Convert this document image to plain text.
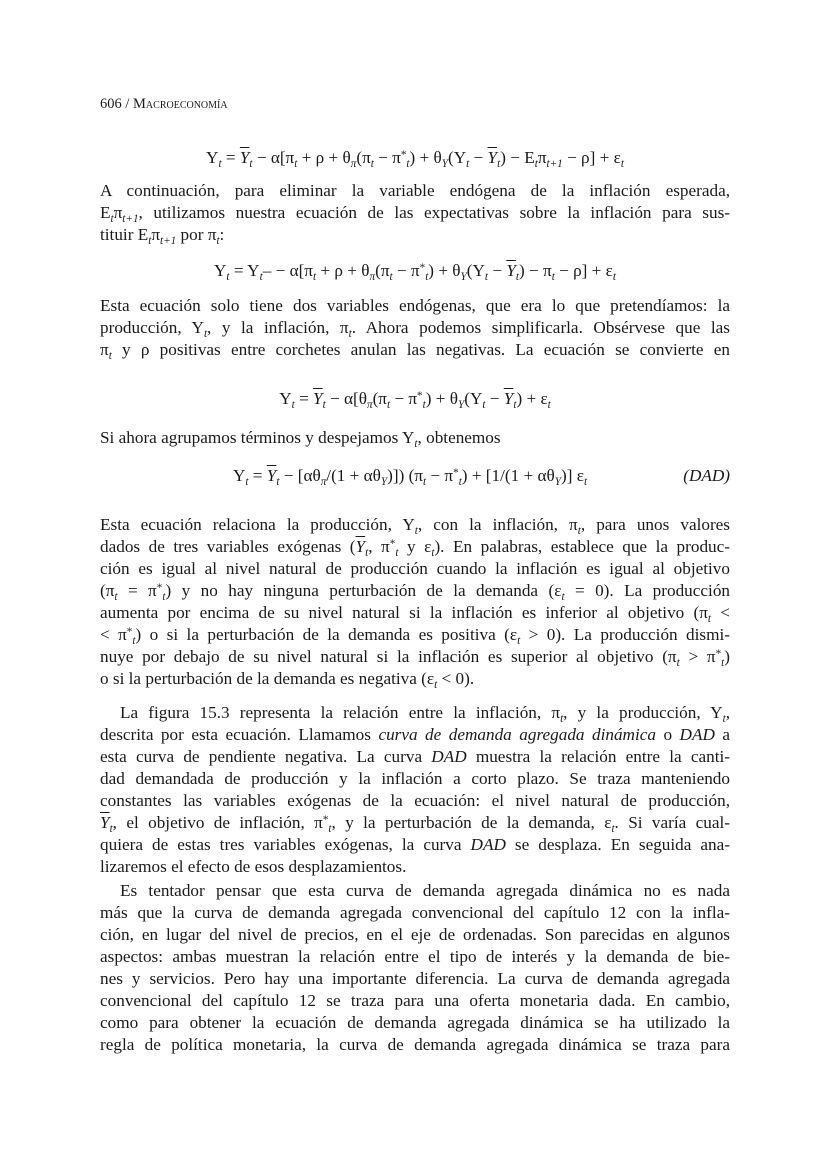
606 / Macroeconomía
$Y_t = \overline{Y}_t - \alpha[\pi_t + \rho + \theta_\pi(\pi_t - \pi^*_t) + \theta_Y(Y_t - \overline{Y}_t) - E_t\pi_{t+1} - \rho] + \varepsilon_t$
A continuación, para eliminar la variable endógena de la inflación esperada,
$E_t\pi_{t+1}$, utilizamos nuestra ecuación de las expectativas sobre la inflación para sus-
tituir $E_t\pi_{t+1}$ por $\pi_t$:
$Y_t = Y_t- - \alpha[\pi_t + \rho + \theta_\pi(\pi_t - \pi^*_t) + \theta_Y(Y_t - \overline{Y}_t) - \pi_t - \rho] + \varepsilon_t$
Esta ecuación solo tiene dos variables endógenas, que era lo que pretendíamos: la
producción, $Y_t$, y la inflación, $\pi_t$. Ahora podemos simplificarla. Obsérvese que las
$\pi_t$ y ρ positivas entre corchetes anulan las negativas. La ecuación se convierte en
$Y_t = \overline{Y}_t - \alpha[\theta_\pi(\pi_t - \pi^*_t) + \theta_Y(Y_t - \overline{Y}_t) + \varepsilon_t$
Si ahora agrupamos términos y despejamos $Y_t$, obtenemos
$Y_t = \overline{Y}_t - [\alpha\theta_\pi/(1 + \alpha\theta_Y)]$) $(\pi_t - \pi^*_t) + [1/(1 + \alpha\theta_Y)]$ $\varepsilon_t$	(DAD)
Esta ecuación relaciona la producción, $Y_t$, con la inflación, $\pi_t$, para unos valores
dados de tres variables exógenas ($\overline{Y}_t$, $\pi^*_t$ y $\varepsilon_t$). En palabras, establece que la produc-
ción es igual al nivel natural de producción cuando la inflación es igual al objetivo
$(\pi_t = \pi^*_t)$ y no hay ninguna perturbación de la demanda $(\varepsilon_t = 0)$. La producción
aumenta por encima de su nivel natural si la inflación es inferior al objetivo ($\pi_t$ <
< $\pi^*_t$) o si la perturbación de la demanda es positiva $(\varepsilon_t > 0)$. La producción dismi-
nuye por debajo de su nivel natural si la inflación es superior al objetivo $(\pi_t > \pi^*_t)$
o si la perturbación de la demanda es negativa $(\varepsilon_t < 0)$.
La figura 15.3 representa la relación entre la inflación, $\pi_t$, y la producción, $Y_t$,
descrita por esta ecuación. Llamamos curva de demanda agregada dinámica o DAD a
esta curva de pendiente negativa. La curva DAD muestra la relación entre la canti-
dad demandada de producción y la inflación a corto plazo. Se traza manteniendo
constantes las variables exógenas de la ecuación: el nivel natural de producción,
$\overline{Y}_t$, el objetivo de inflación, $\pi^*_t$, y la perturbación de la demanda, $\varepsilon_t$. Si varía cual-
quiera de estas tres variables exógenas, la curva DAD se desplaza. En seguida ana-
lizaremos el efecto de esos desplazamientos.
Es tentador pensar que esta curva de demanda agregada dinámica no es nada
más que la curva de demanda agregada convencional del capítulo 12 con la infla-
ción, en lugar del nivel de precios, en el eje de ordenadas. Son parecidas en algunos
aspectos: ambas muestran la relación entre el tipo de interés y la demanda de bie-
nes y servicios. Pero hay una importante diferencia. La curva de demanda agregada
convencional del capítulo 12 se traza para una oferta monetaria dada. En cambio,
como para obtener la ecuación de demanda agregada dinámica se ha utilizado la
regla de política monetaria, la curva de demanda agregada dinámica se traza para
